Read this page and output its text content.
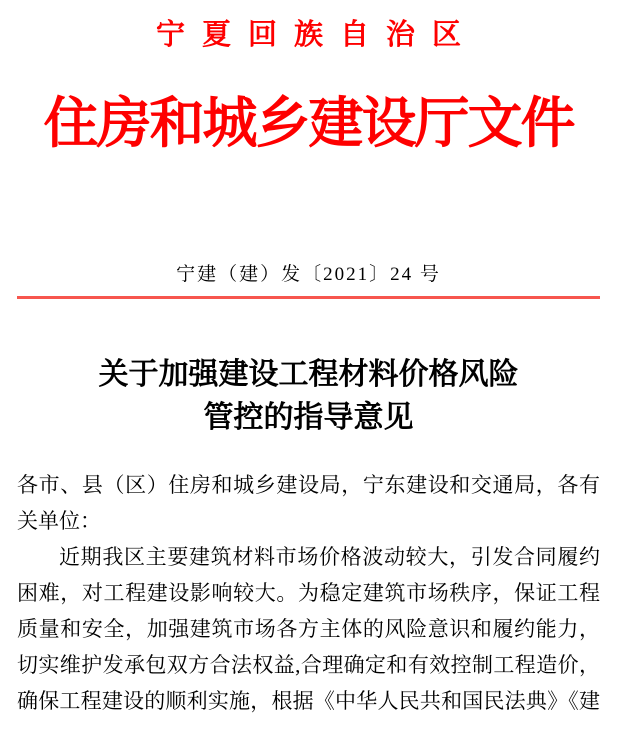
宁夏回族自治区
住房和城乡建设厅文件
宁建（建）发〔2021〕24 号
关于加强建设工程材料价格风险
管控的指导意见
各市、县（区）住房和城乡建设局，宁东建设和交通局，各有
关单位：
近期我区主要建筑材料市场价格波动较大，引发合同履约
困难，对工程建设影响较大。为稳定建筑市场秩序，保证工程
质量和安全，加强建筑市场各方主体的风险意识和履约能力，
切实维护发承包双方合法权益,合理确定和有效控制工程造价，
确保工程建设的顺利实施，根据《中华人民共和国民法典》《建
